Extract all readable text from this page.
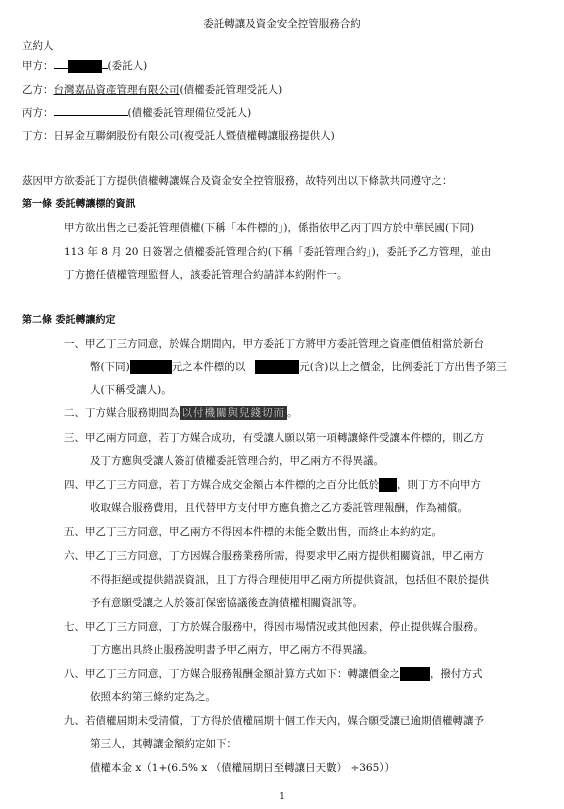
委託轉讓及資金安全控管服務合約
立約人
甲方：	(委託人)
乙方：台灣嘉品資產管理有限公司(債權委託管理受託人)
丙方：	(債權委託管理備位受託人)
丁方：日昇金互聯網股份有限公司(複受託人暨債權轉讓服務提供人)
茲因甲方欲委託丁方提供債權轉讓媒合及資金安全控管服務，故特列出以下條款共同遵守之：
第一條 委託轉讓標的資訊
甲方欲出售之已委託管理債權(下稱「本件標的」)，係指依甲乙丙丁四方於中華民國(下同)
113 年 8 月 20 日簽署之債權委託管理合約(下稱「委託管理合約」)，委託予乙方管理，並由
丁方擔任債權管理監督人，該委託管理合約請詳本約附件一。
第二條 委託轉讓約定
一、甲乙丁三方同意，於媒合期間內，甲方委託丁方將甲方委託管理之資產價值相當於新台
幣(下同)	元之本件標的以	元(含)以上之價金，比例委託丁方出售予第三
人(下稱受讓人)。
二、丁方媒合服務期間為 以付機關與兒錢切而 。
三、甲乙兩方同意，若丁方媒合成功，有受讓人願以第一項轉讓條件受讓本件標的，則乙方
及丁方應與受讓人簽訂債權委託管理合約，甲乙兩方不得異議。
四、甲乙丁三方同意，若丁方媒合成交金額占本件標的之百分比低於 ，則丁方不向甲方
收取媒合服務費用，且代替甲方支付甲方應負擔之乙方委託管理報酬，作為補償。
五、甲乙丁三方同意，甲乙兩方不得因本件標的未能全數出售，而終止本約約定。
六、甲乙丁三方同意，丁方因媒合服務業務所需，得要求甲乙兩方提供相關資訊，甲乙兩方
不得拒絕或提供錯誤資訊，且丁方得合理使用甲乙兩方所提供資訊，包括但不限於提供
予有意願受讓之人於簽訂保密協議後查詢債權相關資訊等。
七、甲乙丁三方同意，丁方於媒合服務中，得因市場情況或其他因素，停止提供媒合服務。
丁方應出具終止服務說明書予甲乙兩方，甲乙兩方不得異議。
八、甲乙丁三方同意，丁方媒合服務報酬金額計算方式如下：轉讓價金之	，撥付方式
依照本約第三條約定為之。
九、若債權屆期未受清償，丁方得於債權屆期十個工作天內，媒合願受讓已逾期債權轉讓予
第三人，其轉讓金額約定如下：
債權本金 x（1+(6.5% x （債權屆期日至轉讓日天數） ÷365））
1
